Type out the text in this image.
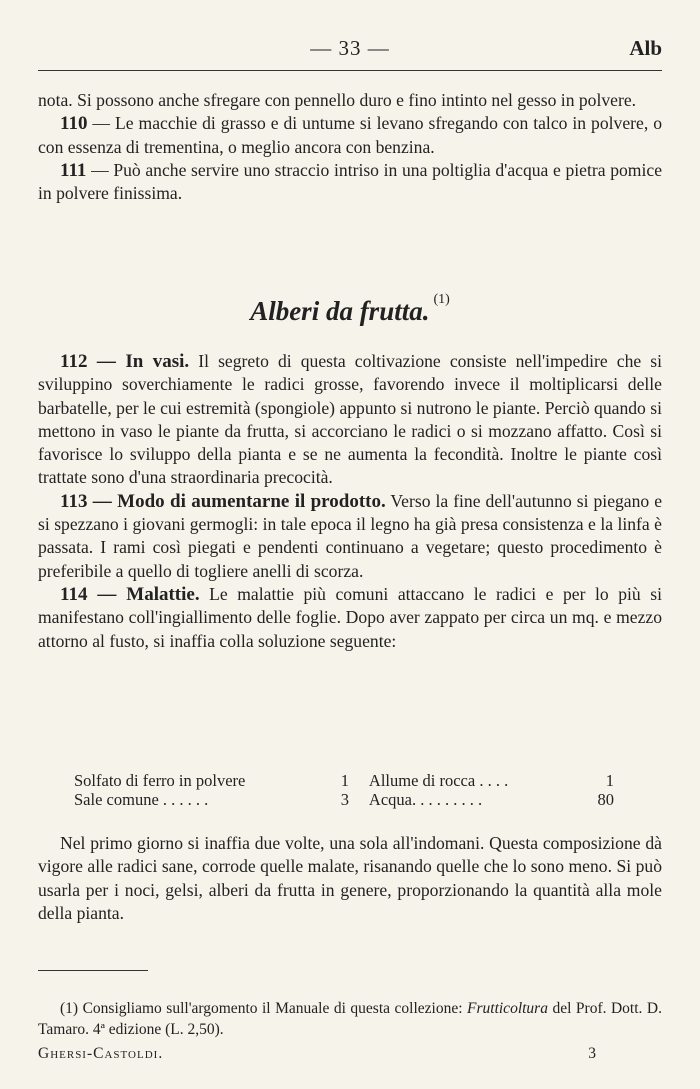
— 33 —	Alb

nota. Si possono anche sfregare con pennello duro e fino intinto nel gesso in polvere.

110 — Le macchie di grasso e di untume si levano sfregando con talco in polvere, o con essenza di trementina, o meglio ancora con benzina.

111 — Può anche servire uno straccio intriso in una poltiglia d'acqua e pietra pomice in polvere finissima.

Alberi da frutta. $^{(1)}$

112 — In vasi. Il segreto di questa coltivazione consiste nell'impedire che si sviluppino soverchiamente le radici grosse, favorendo invece il moltiplicarsi delle barbatelle, per le cui estremità (spongiole) appunto si nutrono le piante. Perciò quando si mettono in vaso le piante da frutta, si accorciano le radici o si mozzano affatto. Così si favorisce lo sviluppo della pianta e se ne aumenta la fecondità. Inoltre le piante così trattate sono d'una straordinaria precocità.

113 — Modo di aumentarne il prodotto. Verso la fine dell'autunno si piegano e si spezzano i giovani germogli: in tale epoca il legno ha già presa consistenza e la linfa è passata. I rami così piegati e pendenti continuano a vegetare; questo procedimento è preferibile a quello di togliere anelli di scorza.

114 — Malattie. Le malattie più comuni attaccano le radici e per lo più si manifestano coll'ingiallimento delle foglie. Dopo aver zappato per circa un mq. e mezzo attorno al fusto, si inaffia colla soluzione seguente:

Solfato di ferro in polvere	1 Allume di rocca . . . .	1
Sale comune . . . . . .	3 Acqua. . . . . . . . .	80

Nel primo giorno si inaffia due volte, una sola all'indomani. Questa composizione dà vigore alle radici sane, corrode quelle malate, risanando quelle che lo sono meno. Si può usarla per i noci, gelsi, alberi da frutta in genere, proporzionando la quantità alla mole della pianta.

(1) Consigliamo sull'argomento il Manuale di questa collezione: Frutticoltura del Prof. Dott. D. Tamaro. 4ª edizione (L. 2,50).

Ghersi-Castoldi.	3
